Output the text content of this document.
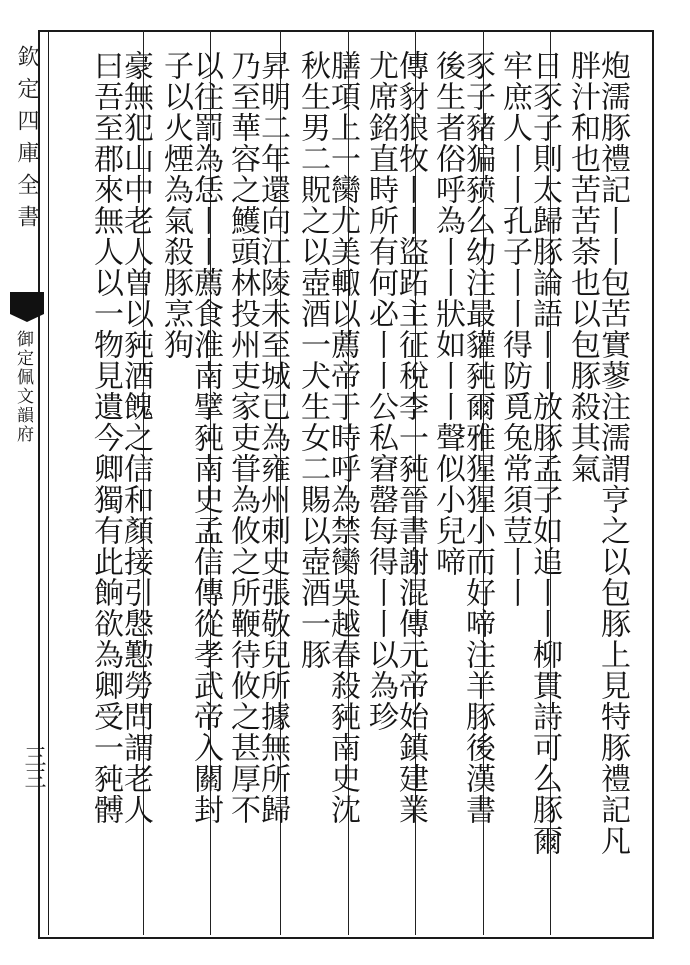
欽定四庫全書
御定佩文韻府
三三	炮濡豚禮記丨丨包苦實蓼注濡謂亨之以包豚上見特豚禮記凡
胖汁和也苦苦荼也以包豚殺其氣
日豕子則太歸豚論語丨丨放豚孟子如追丨丨柳貫詩可么豚爾
牢庶人丨丨孔子丨丨得防覓兔常須荳丨丨
豕子豬猵豮么幼注最貛豘爾雅猩猩小而好啼注羊豚後漢書
後生者俗呼為丨丨狀如丨丨聲似小兒啼
傳豺狼牧丨丨盜跖主征稅李一豘晉書謝混傳元帝始鎮建業
尤席銘直時所有何必丨丨公私窘罄每得丨丨以為珍
膳項上一臠尤美輙以薦帝于時呼為禁臠吳越春殺豘南史沈
秋生男二貺之以壺酒一犬生女二賜以壺酒一豚
昇明二年還向江陵未至城已為雍州刺史張敬兒所據無所歸
乃至華容之鱯頭林投州吏家吏甞為攸之所鞭待攸之甚厚不
以往罰為恁丨丨薦食淮南擘豘南史孟信傳從孝武帝入關封
子以火煙為氣殺豚烹狗
豪無犯山中老人曽以豘酒餽之信和顏接引慇懃勞問謂老人
曰吾至郡來無人以一物見遺今卿獨有此餉欲為卿受一豘髆
